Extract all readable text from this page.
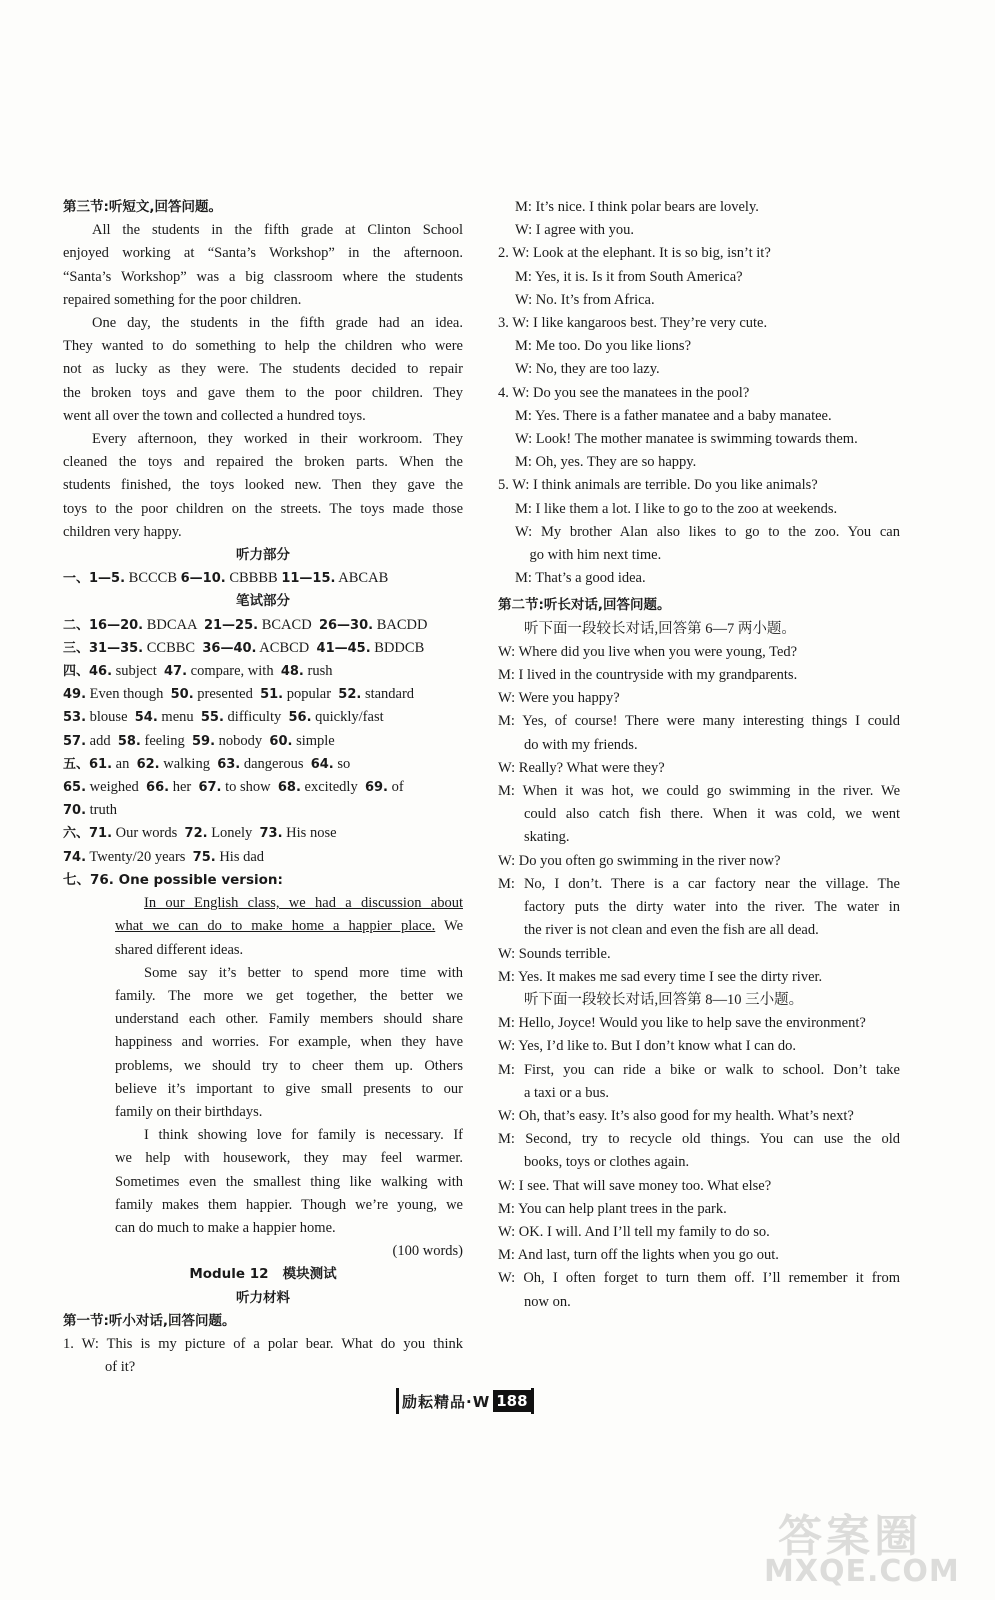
第三节:听短文,回答问题。
All the students in the fifth grade at Clinton School
enjoyed working at “Santa’s Workshop” in the afternoon.
“Santa’s Workshop” was a big classroom where the students
repaired something for the poor children.
One day, the students in the fifth grade had an idea.
They wanted to do something to help the children who were
not as lucky as they were. The students decided to repair
the broken toys and gave them to the poor children. They
went all over the town and collected a hundred toys.
Every afternoon, they worked in their workroom. They
cleaned the toys and repaired the broken parts. When the
students finished, the toys looked new. Then they gave the
toys to the poor children on the streets. The toys made those
children very happy.
听力部分
一、1—5. BCCCB 6—10. CBBBB 11—15. ABCAB
笔试部分
二、16—20. BDCAA  21—25. BCACD  26—30. BACDD
三、31—35. CCBBC  36—40. ACBCD  41—45. BDDCB
四、46. subject  47. compare, with  48. rush
49. Even though  50. presented  51. popular  52. standard
53. blouse  54. menu  55. difficulty  56. quickly/fast
57. add  58. feeling  59. nobody  60. simple
五、61. an  62. walking  63. dangerous  64. so
65. weighed  66. her  67. to show  68. excitedly  69. of
70. truth
六、71. Our words  72. Lonely  73. His nose
74. Twenty/20 years  75. His dad
七、76. One possible version:
In our English class, we had a discussion about
what we can do to make home a happier place. We
shared different ideas.
Some say it’s better to spend more time with
family. The more we get together, the better we
understand each other. Family members should share
happiness and worries. For example, when they have
problems, we should try to cheer them up. Others
believe it’s important to give small presents to our
family on their birthdays.
I think showing love for family is necessary. If
we help with housework, they may feel warmer.
Sometimes even the smallest thing like walking with
family makes them happier. Though we’re young, we
can do much to make a happier home.
(100 words)
Module 12   模块测试
听力材料
第一节:听小对话,回答问题。
1. W: This is my picture of a polar bear. What do you think
of it?
M: It’s nice. I think polar bears are lovely.
W: I agree with you.
2. W: Look at the elephant. It is so big, isn’t it?
M: Yes, it is. Is it from South America?
W: No. It’s from Africa.
3. W: I like kangaroos best. They’re very cute.
M: Me too. Do you like lions?
W: No, they are too lazy.
4. W: Do you see the manatees in the pool?
M: Yes. There is a father manatee and a baby manatee.
W: Look! The mother manatee is swimming towards them.
M: Oh, yes. They are so happy.
5. W: I think animals are terrible. Do you like animals?
M: I like them a lot. I like to go to the zoo at weekends.
W: My brother Alan also likes to go to the zoo. You can
go with him next time.
M: That’s a good idea.
第二节:听长对话,回答问题。
听下面一段较长对话,回答第 6—7 两小题。
W: Where did you live when you were young, Ted?
M: I lived in the countryside with my grandparents.
W: Were you happy?
M: Yes, of course! There were many interesting things I could
do with my friends.
W: Really? What were they?
M: When it was hot, we could go swimming in the river. We
could also catch fish there. When it was cold, we went
skating.
W: Do you often go swimming in the river now?
M: No, I don’t. There is a car factory near the village. The
factory puts the dirty water into the river. The water in
the river is not clean and even the fish are all dead.
W: Sounds terrible.
M: Yes. It makes me sad every time I see the dirty river.
听下面一段较长对话,回答第 8—10 三小题。
M: Hello, Joyce! Would you like to help save the environment?
W: Yes, I’d like to. But I don’t know what I can do.
M: First, you can ride a bike or walk to school. Don’t take
a taxi or a bus.
W: Oh, that’s easy. It’s also good for my health. What’s next?
M: Second, try to recycle old things. You can use the old
books, toys or clothes again.
W: I see. That will save money too. What else?
M: You can help plant trees in the park.
W: OK. I will. And I’ll tell my family to do so.
M: And last, turn off the lights when you go out.
W: Oh, I often forget to turn them off. I’ll remember it from
now on.
励耘精品·W 188
答案圈
MXQE.COM
